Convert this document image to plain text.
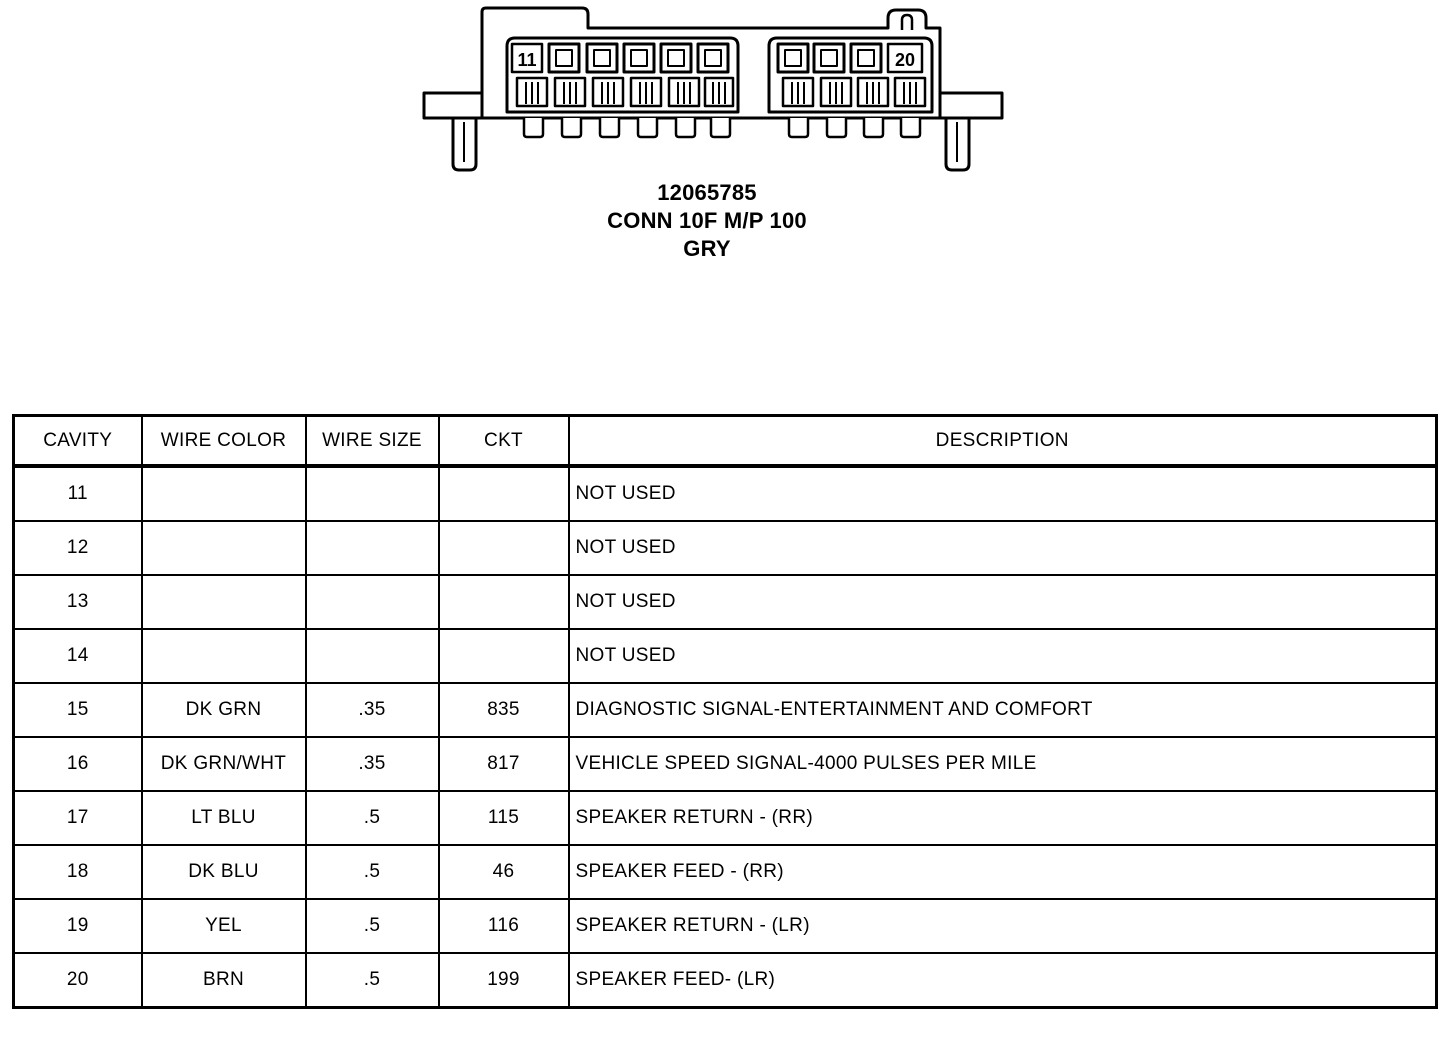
11	20
12065785
CONN 10F M/P 100
GRY
CAVITY	WIRE COLOR	WIRE SIZE	CKT	DESCRIPTION
11				NOT USED
12				NOT USED
13				NOT USED
14				NOT USED
15	DK GRN	.35	835	DIAGNOSTIC SIGNAL-ENTERTAINMENT AND COMFORT
16	DK GRN/WHT	.35	817	VEHICLE SPEED SIGNAL-4000 PULSES PER MILE
17	LT BLU	.5	115	SPEAKER RETURN - (RR)
18	DK BLU	.5	46	SPEAKER FEED - (RR)
19	YEL	.5	116	SPEAKER RETURN - (LR)
20	BRN	.5	199	SPEAKER FEED- (LR)
